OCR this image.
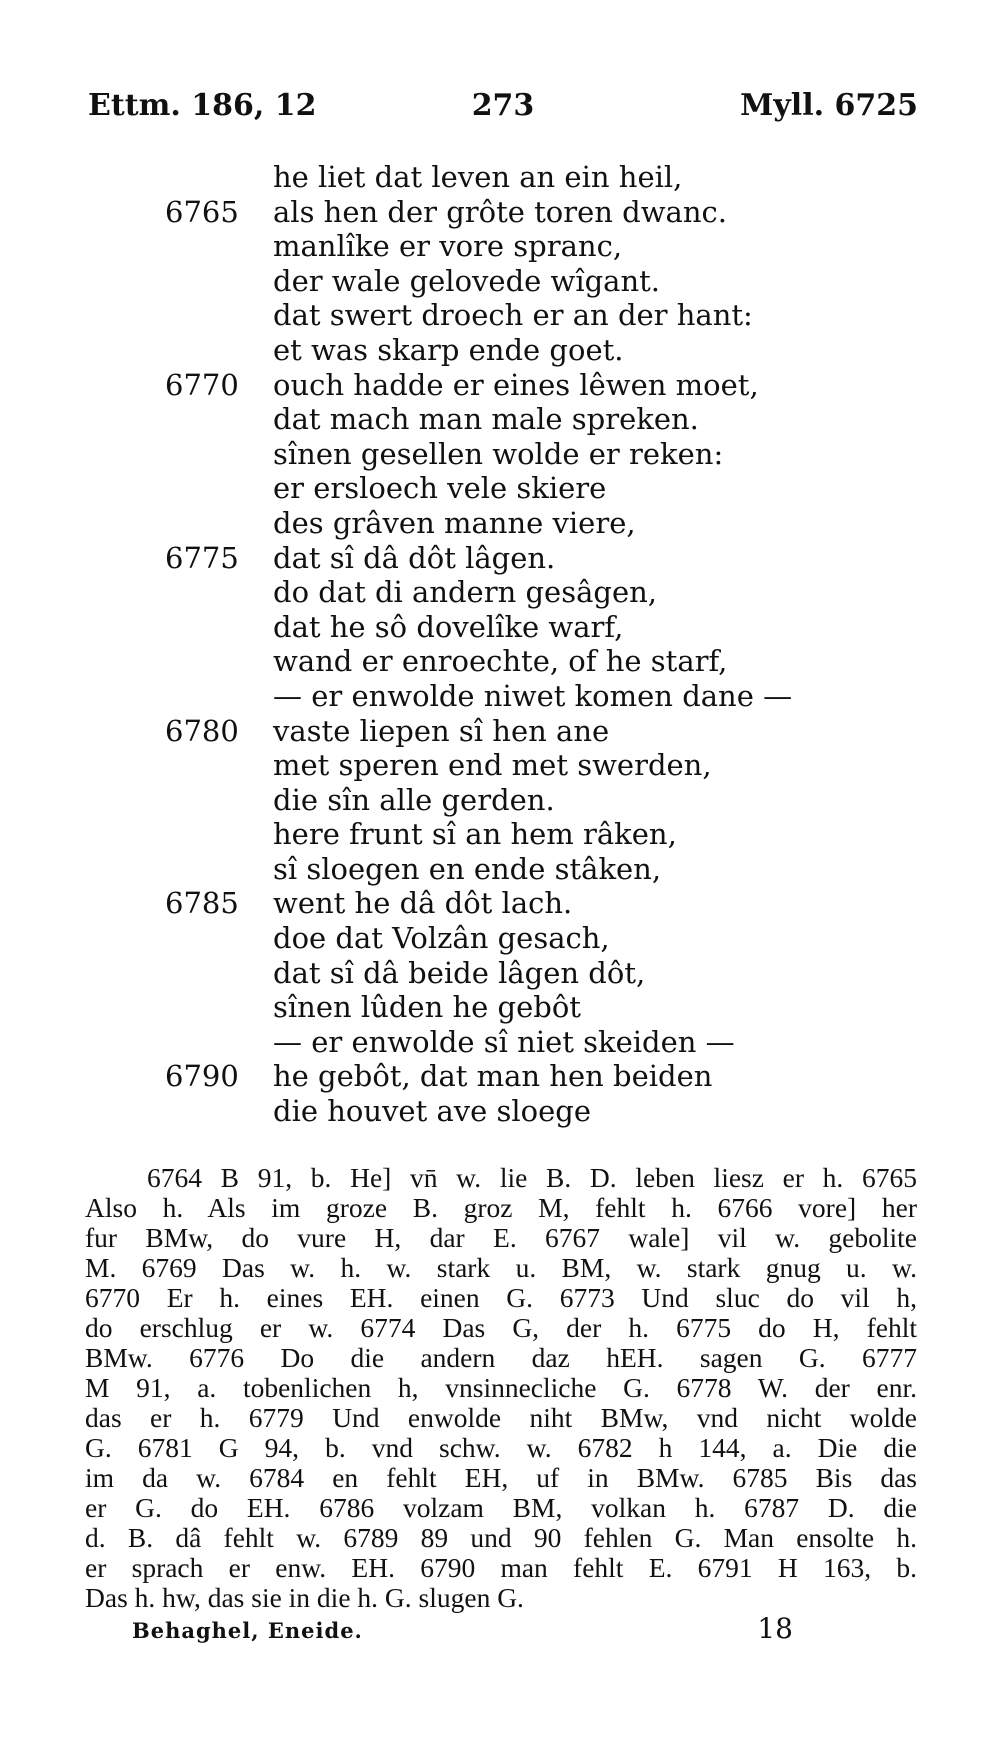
Ettm. 186, 12	273	Myll. 6725
he liet dat leven an ein heil,
6765 als hen der grôte toren dwanc.
manlîke er vore spranc,
der wale gelovede wîgant.
dat swert droech er an der hant:
et was skarp ende goet.
6770 ouch hadde er eines lêwen moet,
dat mach man male spreken.
sînen gesellen wolde er reken:
er ersloech vele skiere
des grâven manne viere,
6775 dat sî dâ dôt lâgen.
do dat di andern gesâgen,
dat he sô dovelîke warf,
wand er enroechte, of he starf,
— er enwolde niwet komen dane —
6780 vaste liepen sî hen ane
met speren end met swerden,
die sîn alle gerden.
here frunt sî an hem râken,
sî sloegen en ende stâken,
6785 went he dâ dôt lach.
doe dat Volzân gesach,
dat sî dâ beide lâgen dôt,
sînen lûden he gebôt
— er enwolde sî niet skeiden —
6790 he gebôt, dat man hen beiden
die houvet ave sloege
6764 B 91, b. He] vn̄ w. lie B. D. leben liesz er h. 6765
Also h. Als im groze B. groz M, fehlt h. 6766 vore] her
fur BMw, do vure H, dar E. 6767 wale] vil w. gebolite
M. 6769 Das w. h. w. stark u. BM, w. stark gnug u. w.
6770 Er h. eines EH. einen G. 6773 Und sluc do vil h,
do erschlug er w. 6774 Das G, der h. 6775 do H, fehlt
BMw. 6776 Do die andern daz hEH. sagen G. 6777
M 91, a. tobenlichen h, vnsinnecliche G. 6778 W. der enr.
das er h. 6779 Und enwolde niht BMw, vnd nicht wolde
G. 6781 G 94, b. vnd schw. w. 6782 h 144, a. Die die
im da w. 6784 en fehlt EH, uf in BMw. 6785 Bis das
er G. do EH. 6786 volzam BM, volkan h. 6787 D. die
d. B. dâ fehlt w. 6789 89 und 90 fehlen G. Man ensolte h.
er sprach er enw. EH. 6790 man fehlt E. 6791 H 163, b.
Das h. hw, das sie in die h. G. slugen G.
Behaghel, Eneide.	18
